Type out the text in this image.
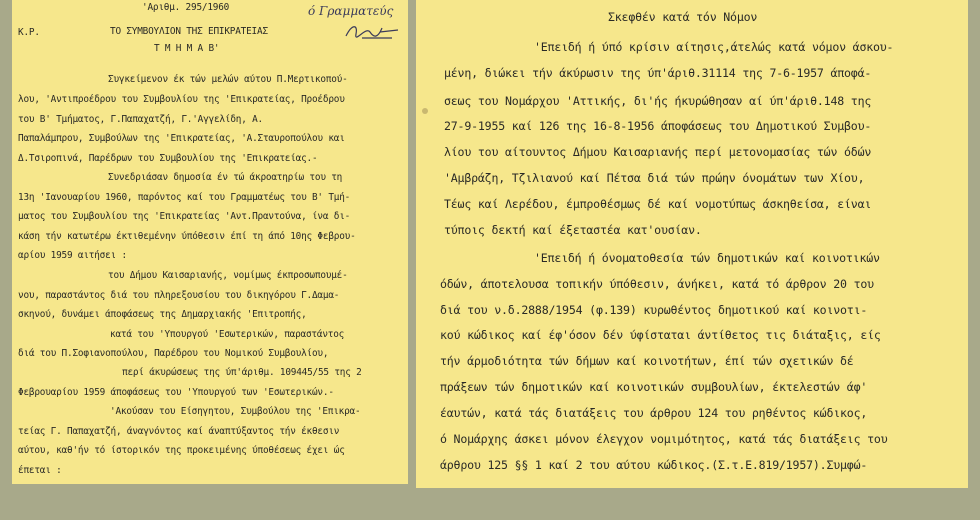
'Αριθμ. 295/1960	ό Γραμματεύς
K.P.	ΤΟ ΣΥΜΒΟΥΛΙΟΝ ΤΗΣ ΕΠΙΚΡΑΤΕΙΑΣ
Τ Μ Η Μ Α Β'
Συγκείμενον έκ τών μελών αύτου Π.Μερτικοπού-
λου, 'Αντιπροέδρου του Συμβουλίου της 'Επικρατείας, Προέδρου
του Β' Τμήματος, Γ.Παπαχατζή, Γ.'Αγγελίδη, Α.
Παπαλάμπρου, Συμβούλων της 'Επικρατείας, 'Α.Σταυροπούλου και
Δ.Τσιροπινά, Παρέδρων του Συμβουλίου της 'Επικρατείας.-
Συνεδριάσαν δημοσία έν τώ άκροατηρίω του τη
13η 'Ιανουαρίου 1960, παρόντος καί του Γραμματέως του Β' Τμή-
ματος του Συμβουλίου της 'Επικρατείας 'Αντ.Πραντούνα, ίνα δι-
κάση τήν κατωτέρω έκτιθεμένην ύπόθεσιν έπί τη άπό 10ης Φεβρου-
αρίου 1959 αιτήσει :
του Δήμου Καισαριανής, νομίμως έκπροσωπουμέ-
νου, παραστάντος διά του πληρεξουσίου του δικηγόρου Γ.Δαμα-
σκηνού, δυνάμει άποφάσεως της Δημαρχιακής 'Επιτροπής,
κατά του 'Υπουργού 'Εσωτερικών, παραστάντος
διά του Π.Σοφιανοπούλου, Παρέδρου του Νομικού Συμβουλίου,
περί άκυρώσεως της ύπ'άριθμ. 109445/55 της 2
Φεβρουαρίου 1959 άποφάσεως του 'Υπουργού των 'Εσωτερικών.-
'Ακούσαν του Είσηγητου, Συμβούλου της 'Επικρα-
τείας Γ. Παπαχατζή, άναγνόντος καί άναπτύξαντος τήν έκθεσιν
αύτου, καθ'ήν τό ίστορικόν της προκειμένης ύποθέσεως έχει ώς
έπεται :
Σκεφθέν κατά τόν Νόμον
'Επειδή ή ύπό κρίσιν αίτησις,άτελώς κατά νόμον άσκου-
μένη, διώκει τήν άκύρωσιν της ύπ'άριθ.31114 της 7-6-1957 άποφά-
σεως του Νομάρχου 'Αττικής, δι'ής ήκυρώθησαν αί ύπ'άριθ.148 της
27-9-1955 καί 126 της 16-8-1956 άποφάσεως του Δημοτικού Συμβου-
λίου του αίτουντος Δήμου Καισαριανής περί μετονομασίας τών όδών
'Αμβράζη, Τζιλιανού καί Πέτσα διά τών πρώην όνομάτων των Χίου,
Τέως καί Λερέδου, έμπροθέσμως δέ καί νομοτύπως άσκηθείσα, είναι
τύποις δεκτή καί έξεταστέα κατ'ουσίαν.
'Επειδή ή όνοματοθεσία τών δημοτικών καί κοινοτικών
όδών, άποτελουσα τοπικήν ύπόθεσιν, άνήκει, κατά τό άρθρον 20 του
διά του ν.δ.2888/1954 (φ.139) κυρωθέντος δημοτικού καί κοινοτι-
κού κώδικος καί έφ'όσον δέν ύφίσταται άντίθετος τις διάταξις, είς
τήν άρμοδιότητα τών δήμων καί κοινοτήτων, έπί τών σχετικών δέ
πράξεων τών δημοτικών καί κοινοτικών συμβουλίων, έκτελεστών άφ'
έαυτών, κατά τάς διατάξεις του άρθρου 124 του ρηθέντος κώδικος,
ό Νομάρχης άσκει μόνον έλεγχον νομιμότητος, κατά τάς διατάξεις του
άρθρου 125 §§ 1 καί 2 του αύτου κώδικος.(Σ.τ.Ε.819/1957).Συμφώ-
